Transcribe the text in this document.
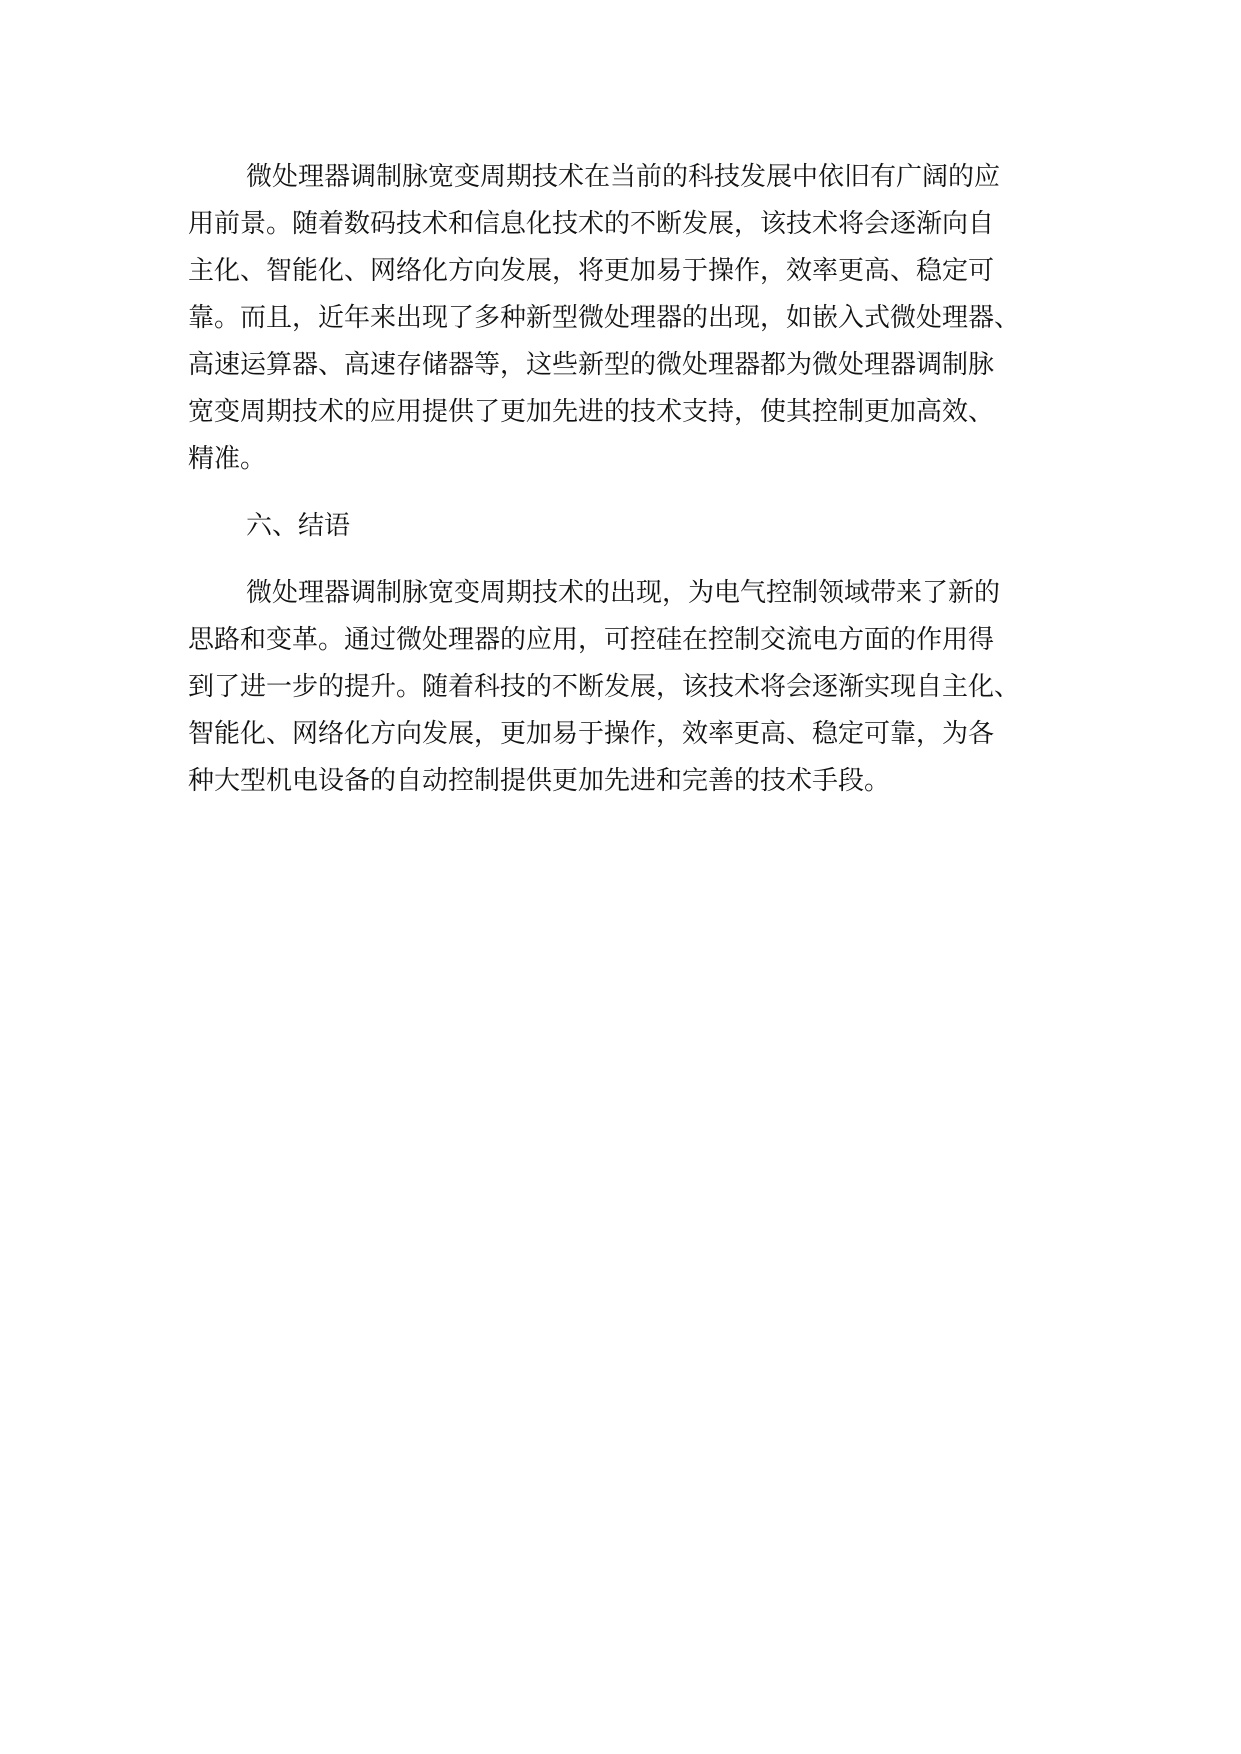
微处理器调制脉宽变周期技术在当前的科技发展中依旧有广阔的应
用前景。随着数码技术和信息化技术的不断发展，该技术将会逐渐向自
主化、智能化、网络化方向发展，将更加易于操作，效率更高、稳定可
靠。而且，近年来出现了多种新型微处理器的出现，如嵌入式微处理器、
高速运算器、高速存储器等，这些新型的微处理器都为微处理器调制脉
宽变周期技术的应用提供了更加先进的技术支持，使其控制更加高效、
精准。

六、结语

微处理器调制脉宽变周期技术的出现，为电气控制领域带来了新的
思路和变革。通过微处理器的应用，可控硅在控制交流电方面的作用得
到了进一步的提升。随着科技的不断发展，该技术将会逐渐实现自主化、
智能化、网络化方向发展，更加易于操作，效率更高、稳定可靠，为各
种大型机电设备的自动控制提供更加先进和完善的技术手段。
